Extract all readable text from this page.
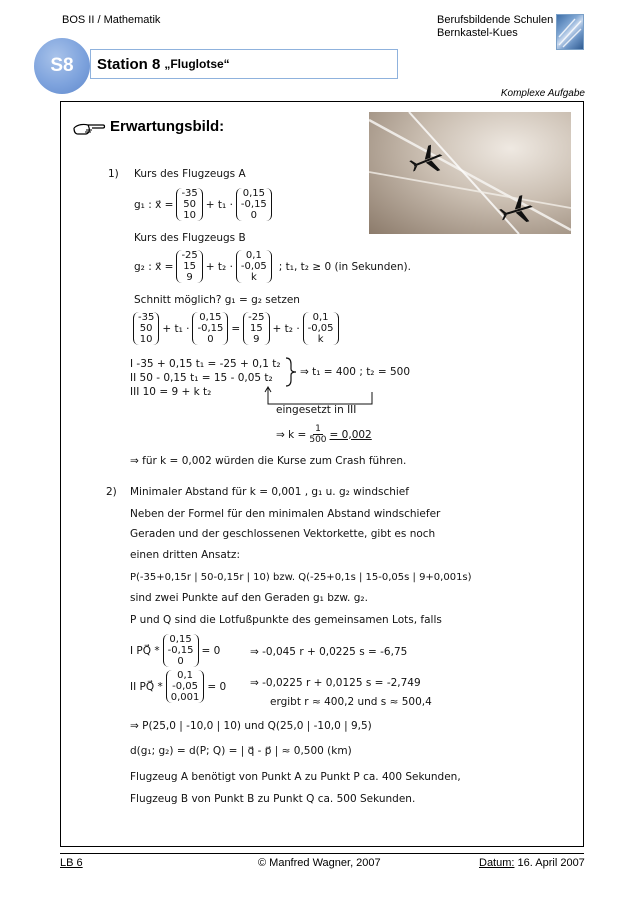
BOS II / Mathematik	Berufsbildende Schulen
Bernkastel-Kues
S8	Station 8 „Fluglotse“
Komplexe Aufgabe
Erwartungsbild:
1) Kurs des Flugzeugs A
g₁ : x⃗ =
-35
50
10
+ t₁ ·
0,15
-0,15
0
Kurs des Flugzeugs B
g₂ : x⃗ =
-25
15
9
+ t₂ ·
0,1
-0,05
k
; t₁, t₂ ≥ 0 (in Sekunden).
Schnitt möglich? g₁ = g₂ setzen
-35
50
10
+ t₁ ·
0,15
-0,15
0
=
-25
15
9
+ t₂ ·
0,1
-0,05
k
I -35 + 0,15 t₁ = -25 + 0,1 t₂
II 50 - 0,15 t₁ = 15 - 0,05 t₂
III 10 = 9 + k t₂
⇒ t₁ = 400 ; t₂ = 500
eingesetzt in III
⇒ $k = \frac{1}{500} = 0,002$
⇒ für k = 0,002 würden die Kurse zum Crash führen.
2) Minimaler Abstand für k = 0,001 , g₁ u. g₂ windschief
Neben der Formel für den minimalen Abstand windschiefer
Geraden und der geschlossenen Vektorkette, gibt es noch
einen dritten Ansatz:
P(-35+0,15r | 50-0,15r | 10) bzw. Q(-25+0,1s | 15-0,05s | 9+0,001s)
sind zwei Punkte auf den Geraden g₁ bzw. g₂.
P und Q sind die Lotfußpunkte des gemeinsamen Lots, falls
I PQ⃗ *
0,15
-0,15
0
= 0	⇒ -0,045 r + 0,0225 s = -6,75
II PQ⃗ *
0,1
-0,05
0,001
= 0 ⇒ -0,0225 r + 0,0125 s = -2,749
ergibt r ≈ 400,2 und s ≈ 500,4
⇒ P(25,0 | -10,0 | 10) und Q(25,0 | -10,0 | 9,5)
d(g₁; g₂) = d(P; Q) = | q⃗ - p⃗ | ≈ 0,500 (km)
Flugzeug A benötigt von Punkt A zu Punkt P ca. 400 Sekunden,
Flugzeug B von Punkt B zu Punkt Q ca. 500 Sekunden.
LB 6	© Manfred Wagner, 2007	Datum: 16. April 2007
